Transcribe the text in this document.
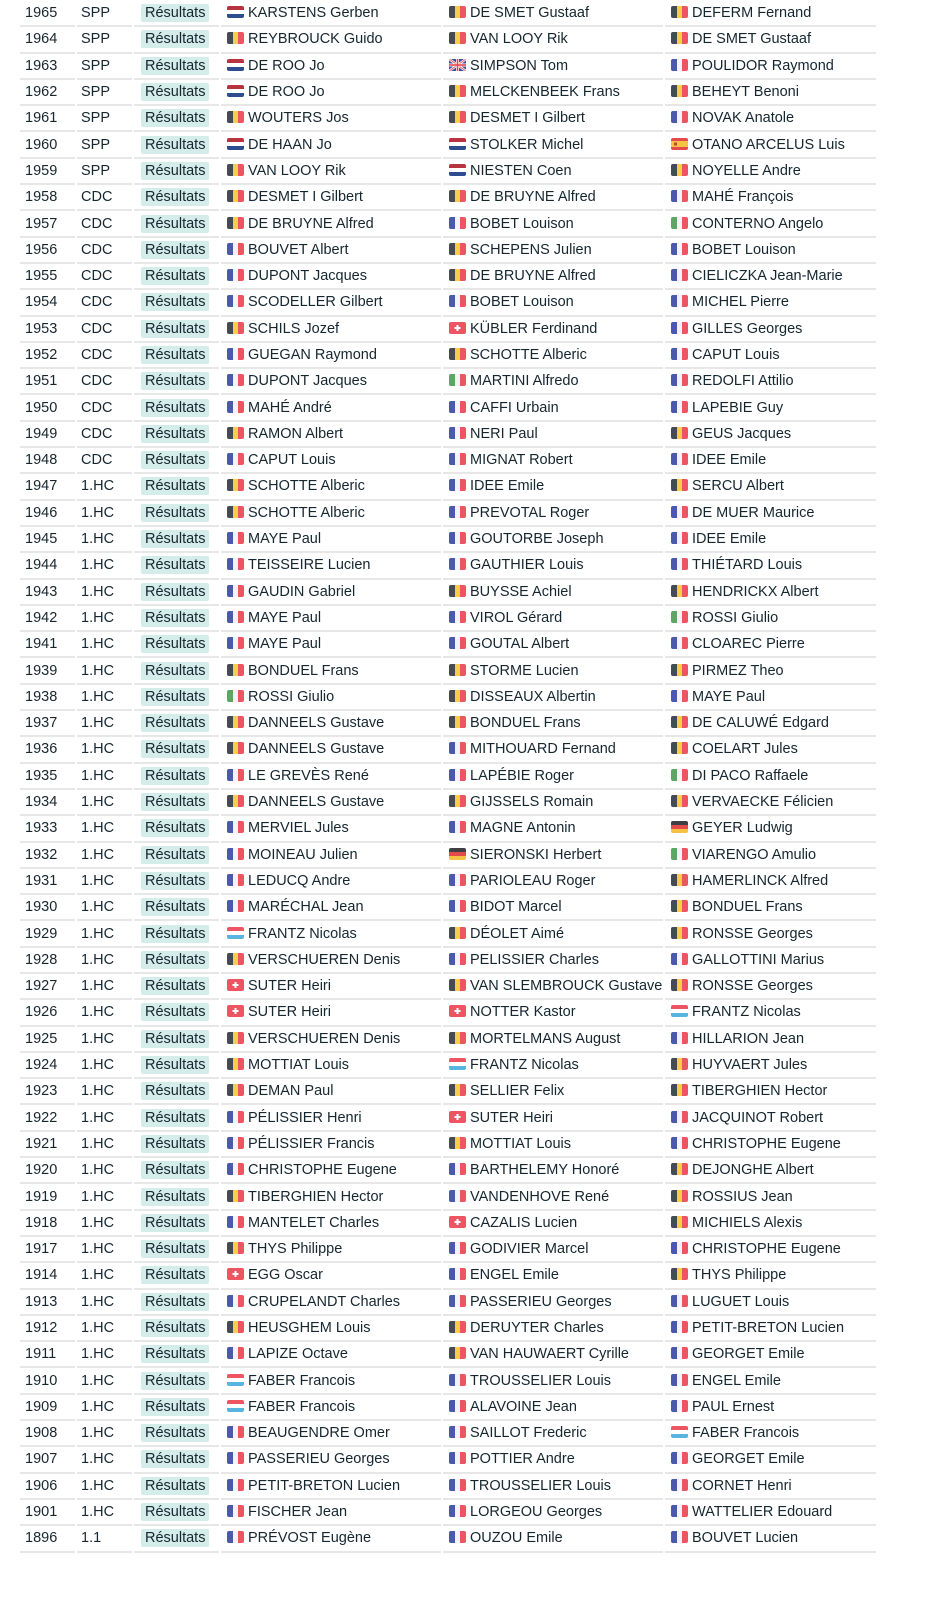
1965	SPP	Résultats	KARSTENS Gerben	DE SMET Gustaaf	DEFERM Fernand
1964	SPP	Résultats	REYBROUCK Guido	VAN LOOY Rik	DE SMET Gustaaf
1963	SPP	Résultats	DE ROO Jo	SIMPSON Tom	POULIDOR Raymond
1962	SPP	Résultats	DE ROO Jo	MELCKENBEEK Frans	BEHEYT Benoni
1961	SPP	Résultats	WOUTERS Jos	DESMET I Gilbert	NOVAK Anatole
1960	SPP	Résultats	DE HAAN Jo	STOLKER Michel	OTANO ARCELUS Luis
1959	SPP	Résultats	VAN LOOY Rik	NIESTEN Coen	NOYELLE Andre
1958	CDC	Résultats	DESMET I Gilbert	DE BRUYNE Alfred	MAHÉ François
1957	CDC	Résultats	DE BRUYNE Alfred	BOBET Louison	CONTERNO Angelo
1956	CDC	Résultats	BOUVET Albert	SCHEPENS Julien	BOBET Louison
1955	CDC	Résultats	DUPONT Jacques	DE BRUYNE Alfred	CIELICZKA Jean-Marie
1954	CDC	Résultats	SCODELLER Gilbert	BOBET Louison	MICHEL Pierre
1953	CDC	Résultats	SCHILS Jozef	KÜBLER Ferdinand	GILLES Georges
1952	CDC	Résultats	GUEGAN Raymond	SCHOTTE Alberic	CAPUT Louis
1951	CDC	Résultats	DUPONT Jacques	MARTINI Alfredo	REDOLFI Attilio
1950	CDC	Résultats	MAHÉ André	CAFFI Urbain	LAPEBIE Guy
1949	CDC	Résultats	RAMON Albert	NERI Paul	GEUS Jacques
1948	CDC	Résultats	CAPUT Louis	MIGNAT Robert	IDEE Emile
1947	1.HC	Résultats	SCHOTTE Alberic	IDEE Emile	SERCU Albert
1946	1.HC	Résultats	SCHOTTE Alberic	PREVOTAL Roger	DE MUER Maurice
1945	1.HC	Résultats	MAYE Paul	GOUTORBE Joseph	IDEE Emile
1944	1.HC	Résultats	TEISSEIRE Lucien	GAUTHIER Louis	THIÉTARD Louis
1943	1.HC	Résultats	GAUDIN Gabriel	BUYSSE Achiel	HENDRICKX Albert
1942	1.HC	Résultats	MAYE Paul	VIROL Gérard	ROSSI Giulio
1941	1.HC	Résultats	MAYE Paul	GOUTAL Albert	CLOAREC Pierre
1939	1.HC	Résultats	BONDUEL Frans	STORME Lucien	PIRMEZ Theo
1938	1.HC	Résultats	ROSSI Giulio	DISSEAUX Albertin	MAYE Paul
1937	1.HC	Résultats	DANNEELS Gustave	BONDUEL Frans	DE CALUWÉ Edgard
1936	1.HC	Résultats	DANNEELS Gustave	MITHOUARD Fernand	COELART Jules
1935	1.HC	Résultats	LE GREVÈS René	LAPÉBIE Roger	DI PACO Raffaele
1934	1.HC	Résultats	DANNEELS Gustave	GIJSSELS Romain	VERVAECKE Félicien
1933	1.HC	Résultats	MERVIEL Jules	MAGNE Antonin	GEYER Ludwig
1932	1.HC	Résultats	MOINEAU Julien	SIERONSKI Herbert	VIARENGO Amulio
1931	1.HC	Résultats	LEDUCQ Andre	PARIOLEAU Roger	HAMERLINCK Alfred
1930	1.HC	Résultats	MARÉCHAL Jean	BIDOT Marcel	BONDUEL Frans
1929	1.HC	Résultats	FRANTZ Nicolas	DÉOLET Aimé	RONSSE Georges
1928	1.HC	Résultats	VERSCHUEREN Denis	PELISSIER Charles	GALLOTTINI Marius
1927	1.HC	Résultats	SUTER Heiri	VAN SLEMBROUCK Gustave	RONSSE Georges
1926	1.HC	Résultats	SUTER Heiri	NOTTER Kastor	FRANTZ Nicolas
1925	1.HC	Résultats	VERSCHUEREN Denis	MORTELMANS August	HILLARION Jean
1924	1.HC	Résultats	MOTTIAT Louis	FRANTZ Nicolas	HUYVAERT Jules
1923	1.HC	Résultats	DEMAN Paul	SELLIER Felix	TIBERGHIEN Hector
1922	1.HC	Résultats	PÉLISSIER Henri	SUTER Heiri	JACQUINOT Robert
1921	1.HC	Résultats	PÉLISSIER Francis	MOTTIAT Louis	CHRISTOPHE Eugene
1920	1.HC	Résultats	CHRISTOPHE Eugene	BARTHELEMY Honoré	DEJONGHE Albert
1919	1.HC	Résultats	TIBERGHIEN Hector	VANDENHOVE René	ROSSIUS Jean
1918	1.HC	Résultats	MANTELET Charles	CAZALIS Lucien	MICHIELS Alexis
1917	1.HC	Résultats	THYS Philippe	GODIVIER Marcel	CHRISTOPHE Eugene
1914	1.HC	Résultats	EGG Oscar	ENGEL Emile	THYS Philippe
1913	1.HC	Résultats	CRUPELANDT Charles	PASSERIEU Georges	LUGUET Louis
1912	1.HC	Résultats	HEUSGHEM Louis	DERUYTER Charles	PETIT-BRETON Lucien
1911	1.HC	Résultats	LAPIZE Octave	VAN HAUWAERT Cyrille	GEORGET Emile
1910	1.HC	Résultats	FABER Francois	TROUSSELIER Louis	ENGEL Emile
1909	1.HC	Résultats	FABER Francois	ALAVOINE Jean	PAUL Ernest
1908	1.HC	Résultats	BEAUGENDRE Omer	SAILLOT Frederic	FABER Francois
1907	1.HC	Résultats	PASSERIEU Georges	POTTIER Andre	GEORGET Emile
1906	1.HC	Résultats	PETIT-BRETON Lucien	TROUSSELIER Louis	CORNET Henri
1901	1.HC	Résultats	FISCHER Jean	LORGEOU Georges	WATTELIER Edouard
1896	1.1	Résultats	PRÉVOST Eugène	OUZOU Emile	BOUVET Lucien
